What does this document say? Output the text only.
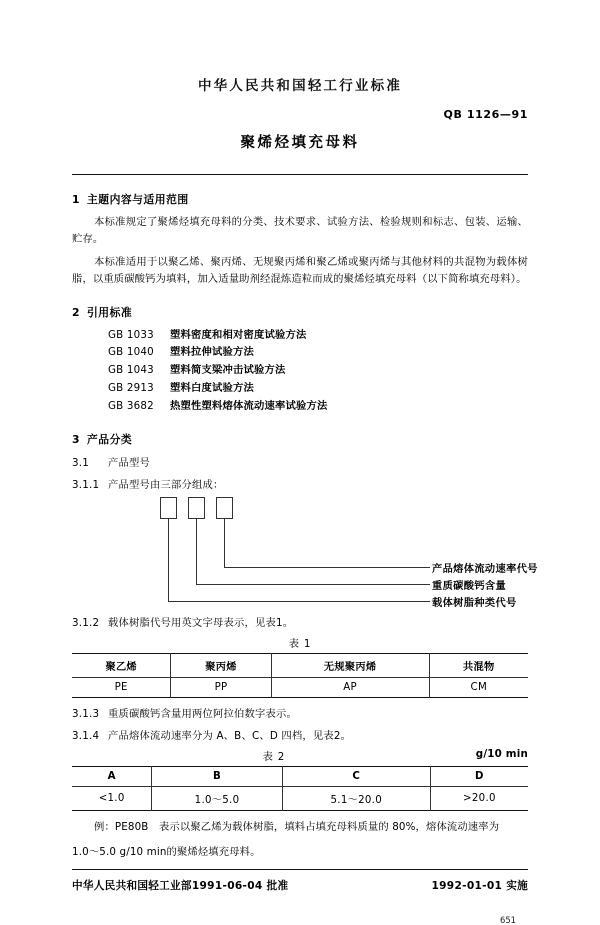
中华人民共和国轻工行业标准
QB 1126—91
聚烯烃填充母料
1 主题内容与适用范围
本标准规定了聚烯烃填充母料的分类、技术要求、试验方法、检验规则和标志、包装、运输、贮存。
本标准适用于以聚乙烯、聚丙烯、无规聚丙烯和聚乙烯或聚丙烯与其他材料的共混物为载体树脂，以重质碳酸钙为填料，加入适量助剂经混炼造粒而成的聚烯烃填充母料（以下简称填充母料）。
2 引用标准
GB 1033 塑料密度和相对密度试验方法
GB 1040 塑料拉伸试验方法
GB 1043 塑料简支梁冲击试验方法
GB 2913 塑料白度试验方法
GB 3682 热塑性塑料熔体流动速率试验方法
3 产品分类
3.1 产品型号
3.1.1 产品型号由三部分组成：
产品熔体流动速率代号
重质碳酸钙含量
载体树脂种类代号
3.1.2 载体树脂代号用英文字母表示，见表1。
表 1
聚乙烯	聚丙烯	无规聚丙烯	共混物
PE	PP	AP	CM
3.1.3 重质碳酸钙含量用两位阿拉伯数字表示。
3.1.4 产品熔体流动速率分为 A、B、C、D 四档，见表2。
g/10 min
表 2
A	B	C	D
<1.0	1.0～5.0	5.1～20.0	>20.0
例：PE80B　表示以聚乙烯为载体树脂，填料占填充母料质量的 80%，熔体流动速率为
1.0～5.0 g/10 min的聚烯烃填充母料。
中华人民共和国轻工业部1991-06-04 批准	1992-01-01 实施
651
